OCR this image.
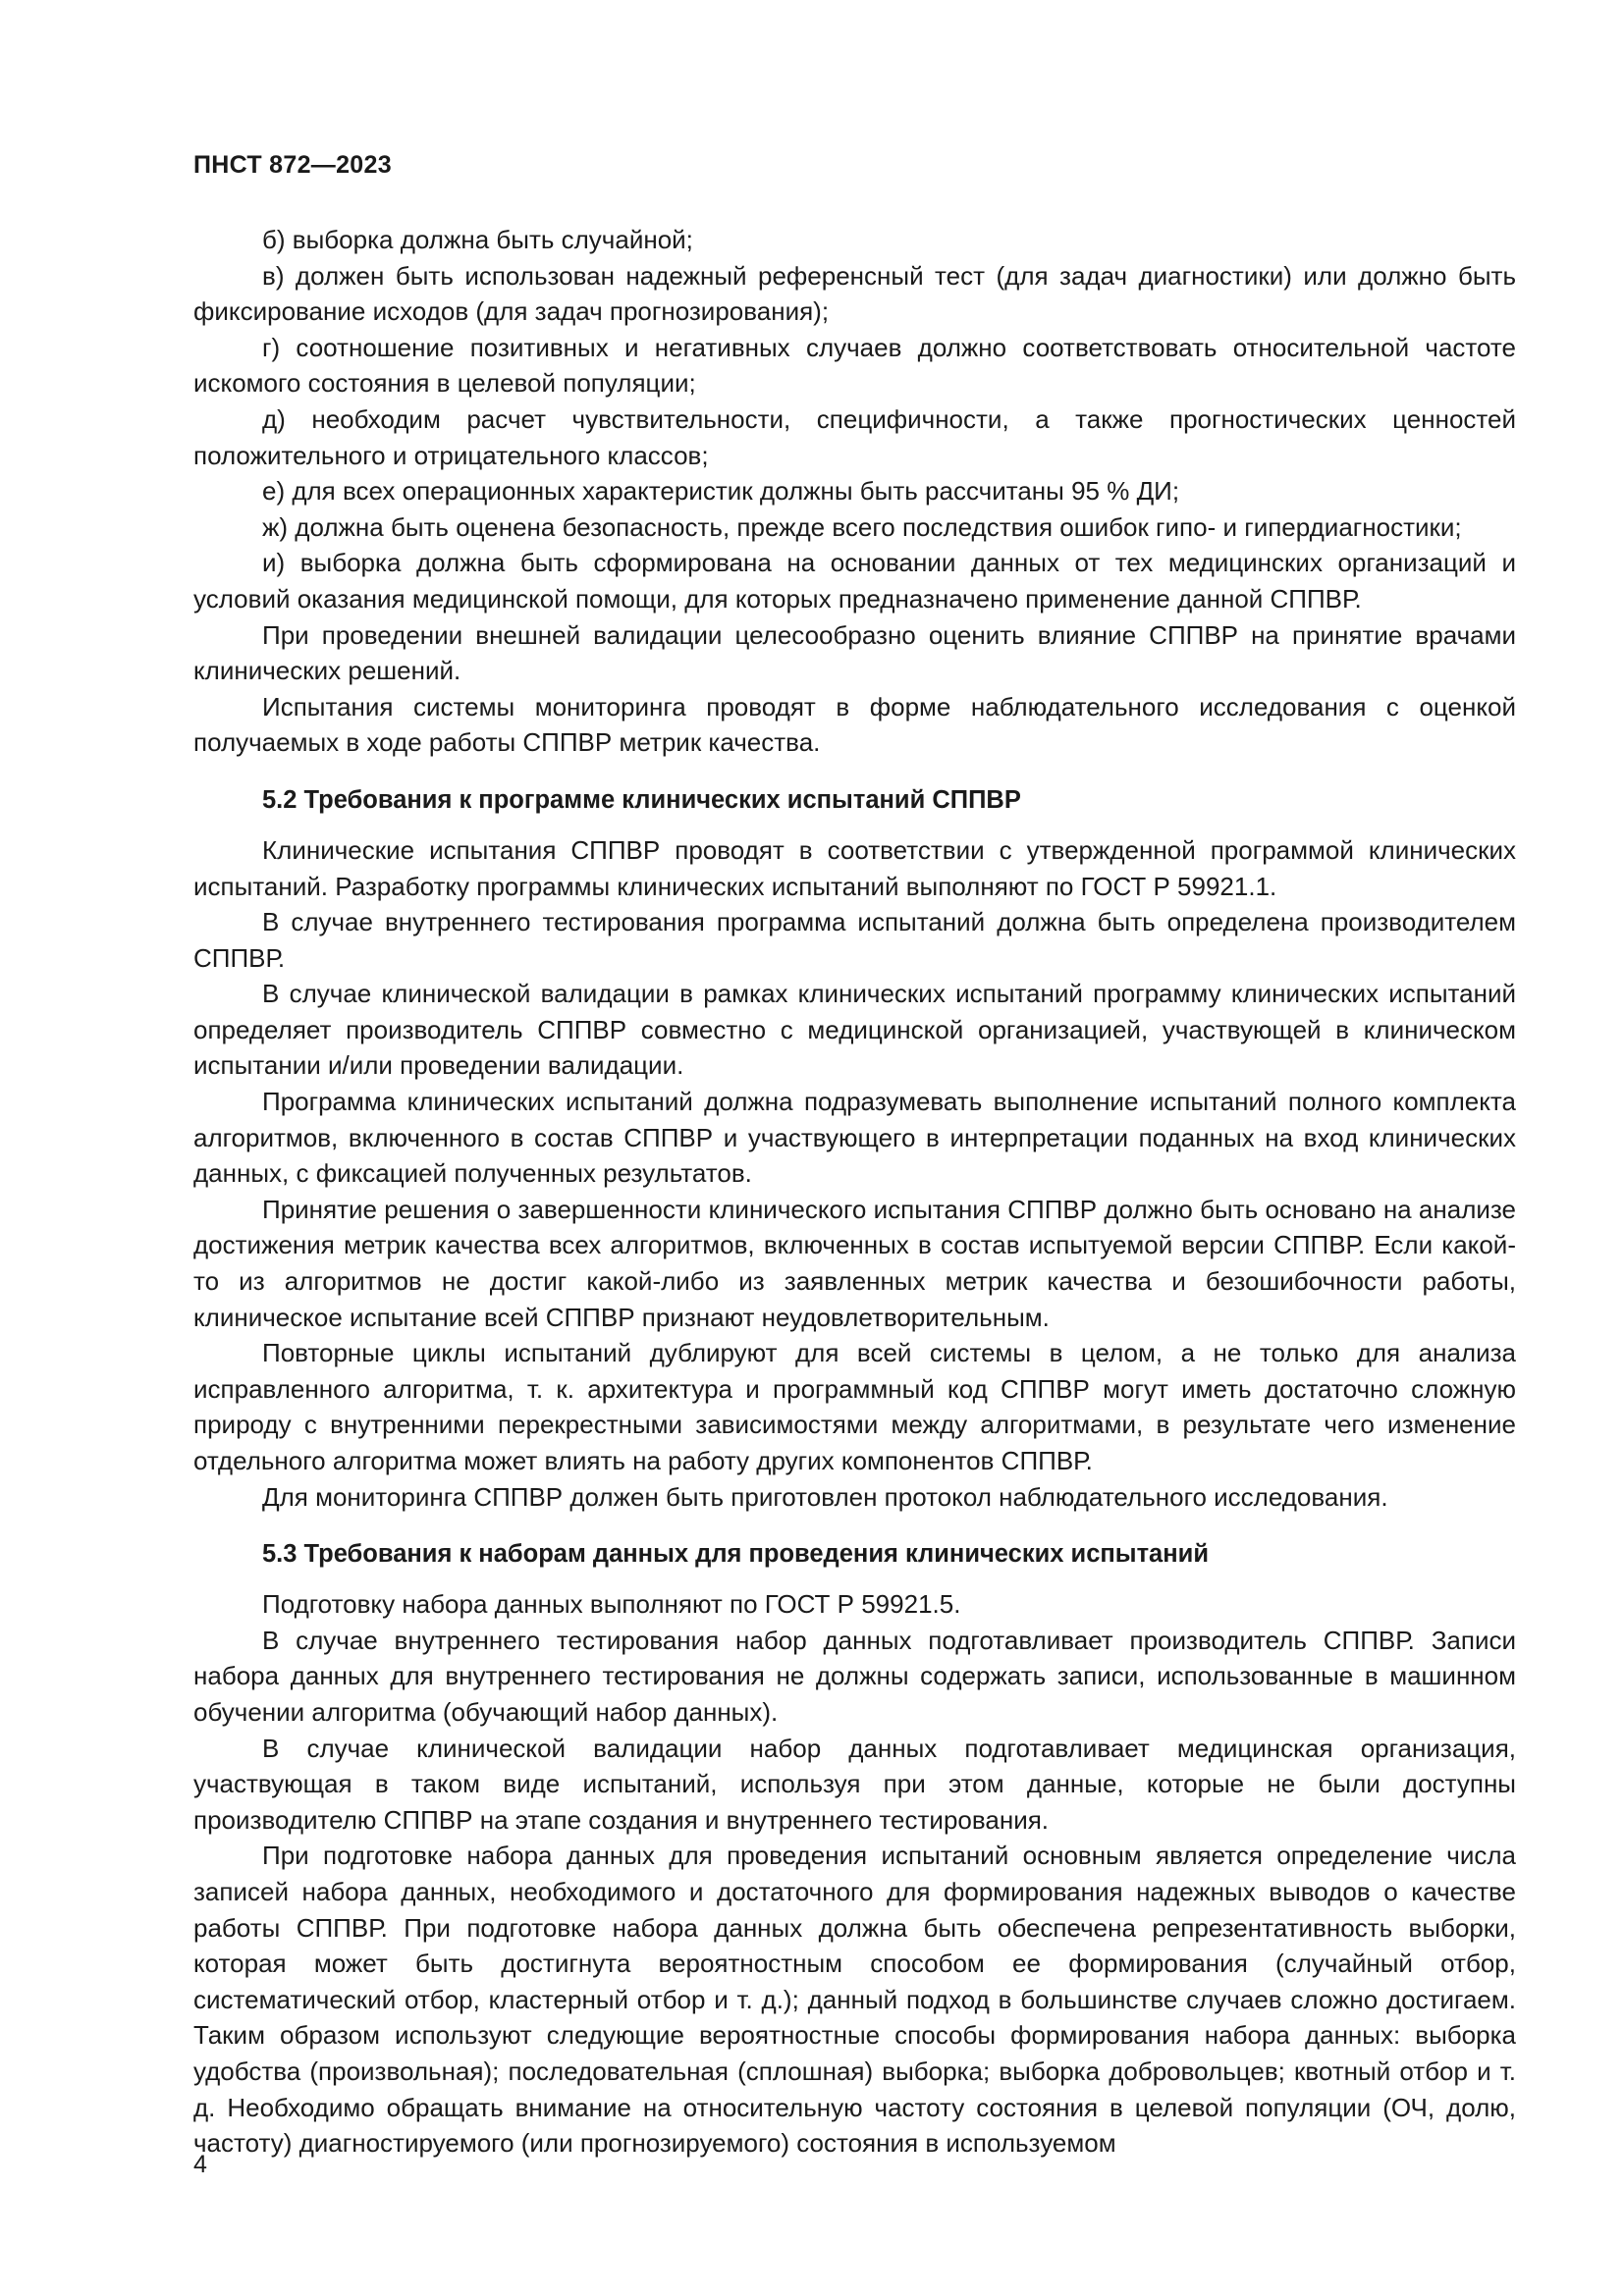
ПНСТ 872—2023

б) выборка должна быть случайной;

в) должен быть использован надежный референсный тест (для задач диагностики) или должно быть фиксирование исходов (для задач прогнозирования);

г) соотношение позитивных и негативных случаев должно соответствовать относительной частоте искомого состояния в целевой популяции;

д) необходим расчет чувствительности, специфичности, а также прогностических ценностей положительного и отрицательного классов;

е) для всех операционных характеристик должны быть рассчитаны 95 % ДИ;

ж) должна быть оценена безопасность, прежде всего последствия ошибок гипо- и гипердиагностики;

и) выборка должна быть сформирована на основании данных от тех медицинских организаций и условий оказания медицинской помощи, для которых предназначено применение данной СППВР.

При проведении внешней валидации целесообразно оценить влияние СППВР на принятие врачами клинических решений.

Испытания системы мониторинга проводят в форме наблюдательного исследования с оценкой получаемых в ходе работы СППВР метрик качества.

5.2 Требования к программе клинических испытаний СППВР

Клинические испытания СППВР проводят в соответствии с утвержденной программой клинических испытаний. Разработку программы клинических испытаний выполняют по ГОСТ Р 59921.1.

В случае внутреннего тестирования программа испытаний должна быть определена производителем СППВР.

В случае клинической валидации в рамках клинических испытаний программу клинических испытаний определяет производитель СППВР совместно с медицинской организацией, участвующей в клиническом испытании и/или проведении валидации.

Программа клинических испытаний должна подразумевать выполнение испытаний полного комплекта алгоритмов, включенного в состав СППВР и участвующего в интерпретации поданных на вход клинических данных, с фиксацией полученных результатов.

Принятие решения о завершенности клинического испытания СППВР должно быть основано на анализе достижения метрик качества всех алгоритмов, включенных в состав испытуемой версии СППВР. Если какой-то из алгоритмов не достиг какой-либо из заявленных метрик качества и безошибочности работы, клиническое испытание всей СППВР признают неудовлетворительным.

Повторные циклы испытаний дублируют для всей системы в целом, а не только для анализа исправленного алгоритма, т. к. архитектура и программный код СППВР могут иметь достаточно сложную природу с внутренними перекрестными зависимостями между алгоритмами, в результате чего изменение отдельного алгоритма может влиять на работу других компонентов СППВР.

Для мониторинга СППВР должен быть приготовлен протокол наблюдательного исследования.

5.3 Требования к наборам данных для проведения клинических испытаний

Подготовку набора данных выполняют по ГОСТ Р 59921.5.

В случае внутреннего тестирования набор данных подготавливает производитель СППВР. Записи набора данных для внутреннего тестирования не должны содержать записи, использованные в машинном обучении алгоритма (обучающий набор данных).

В случае клинической валидации набор данных подготавливает медицинская организация, участвующая в таком виде испытаний, используя при этом данные, которые не были доступны производителю СППВР на этапе создания и внутреннего тестирования.

При подготовке набора данных для проведения испытаний основным является определение числа записей набора данных, необходимого и достаточного для формирования надежных выводов о качестве работы СППВР. При подготовке набора данных должна быть обеспечена репрезентативность выборки, которая может быть достигнута вероятностным способом ее формирования (случайный отбор, систематический отбор, кластерный отбор и т. д.); данный подход в большинстве случаев сложно достигаем. Таким образом используют следующие вероятностные способы формирования набора данных: выборка удобства (произвольная); последовательная (сплошная) выборка; выборка добровольцев; квотный отбор и т. д. Необходимо обращать внимание на относительную частоту состояния в целевой популяции (ОЧ, долю, частоту) диагностируемого (или прогнозируемого) состояния в используемом

4
